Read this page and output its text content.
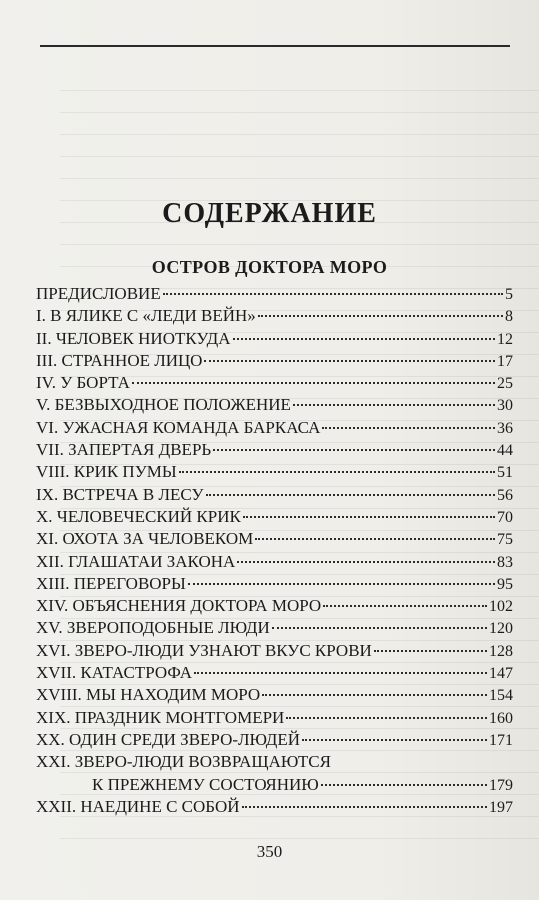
СОДЕРЖАНИЕ
ОСТРОВ ДОКТОРА МОРО
ПРЕДИСЛОВИЕ	5
I. В ЯЛИКЕ С «ЛЕДИ ВЕЙН»	8
II. ЧЕЛОВЕК НИОТКУДА	12
III. СТРАННОЕ ЛИЦО	17
IV. У БОРТА	25
V. БЕЗВЫХОДНОЕ ПОЛОЖЕНИЕ	30
VI. УЖАСНАЯ КОМАНДА БАРКАСА	36
VII. ЗАПЕРТАЯ ДВЕРЬ	44
VIII. КРИК ПУМЫ	51
IX. ВСТРЕЧА В ЛЕСУ	56
X. ЧЕЛОВЕЧЕСКИЙ КРИК	70
XI. ОХОТА ЗА ЧЕЛОВЕКОМ	75
XII. ГЛАШАТАИ ЗАКОНА	83
XIII. ПЕРЕГОВОРЫ	95
XIV. ОБЪЯСНЕНИЯ ДОКТОРА МОРО	102
XV. ЗВЕРОПОДОБНЫЕ ЛЮДИ	120
XVI. ЗВЕРО-ЛЮДИ УЗНАЮТ ВКУС КРОВИ	128
XVII. КАТАСТРОФА	147
XVIII. МЫ НАХОДИМ МОРО	154
XIX. ПРАЗДНИК МОНТГОМЕРИ	160
XX. ОДИН СРЕДИ ЗВЕРО-ЛЮДЕЙ	171
XXI. ЗВЕРО-ЛЮДИ ВОЗВРАЩАЮТСЯ
К ПРЕЖНЕМУ СОСТОЯНИЮ	179
XXII. НАЕДИНЕ С СОБОЙ	197
350
